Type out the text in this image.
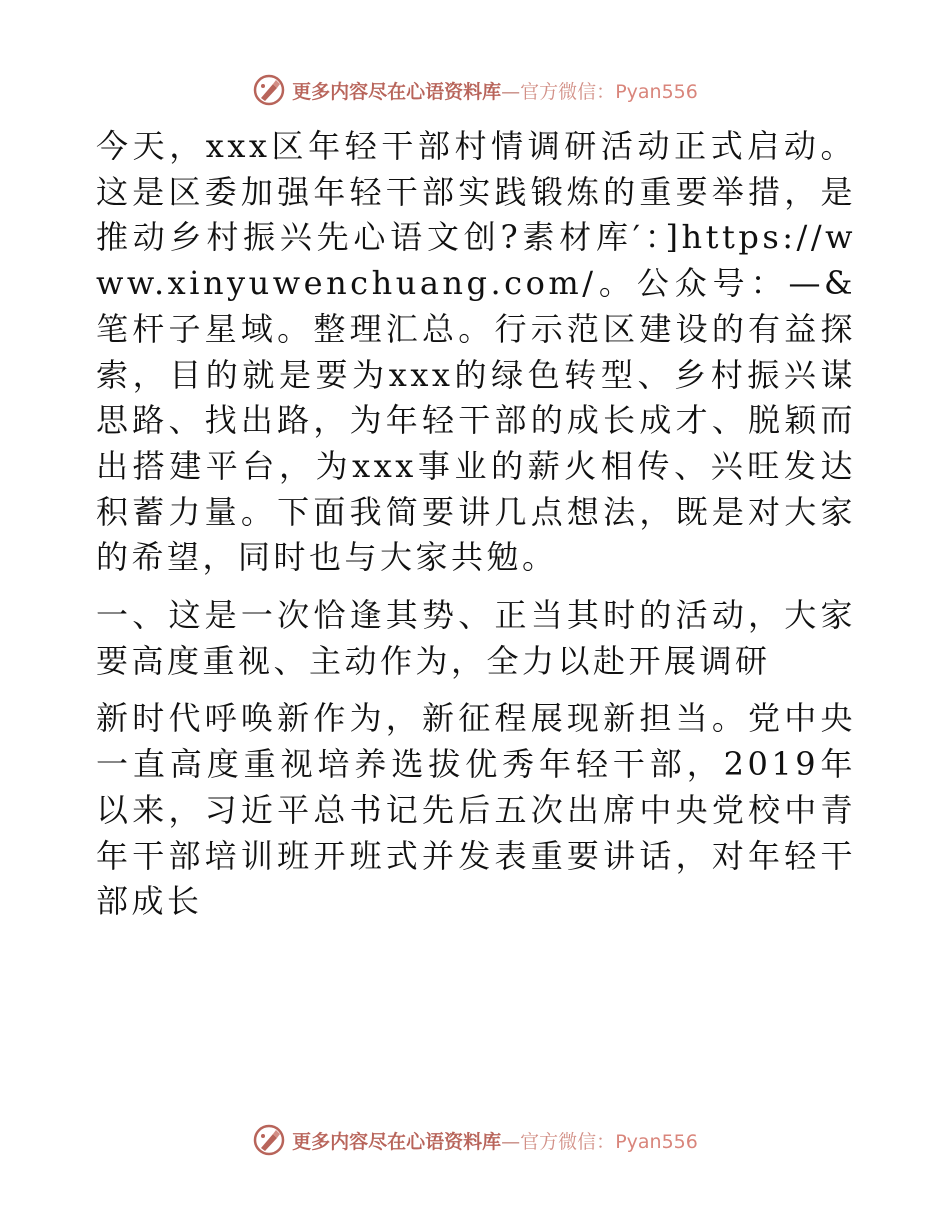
更多内容尽在心语资料库 — 官方微信： Pyan556

今天，xxx区年轻干部村情调研活动正式启动。这是区委加强年轻干部实践锻炼的重要举措，是推动乡村振兴先心语文创?素材库′：]https://www.xinyuwenchuang.com/。公众号：—&笔杆子星域。整理汇总。行示范区建设的有益探索，目的就是要为xxx的绿色转型、乡村振兴谋思路、找出路，为年轻干部的成长成才、脱颖而出搭建平台，为xxx事业的薪火相传、兴旺发达积蓄力量。下面我简要讲几点想法，既是对大家的希望，同时也与大家共勉。

一、这是一次恰逢其势、正当其时的活动，大家要高度重视、主动作为，全力以赴开展调研

新时代呼唤新作为，新征程展现新担当。党中央一直高度重视培养选拔优秀年轻干部，2019年以来，习近平总书记先后五次出席中央党校中青年干部培训班开班式并发表重要讲话，对年轻干部成长

更多内容尽在心语资料库 — 官方微信： Pyan556
